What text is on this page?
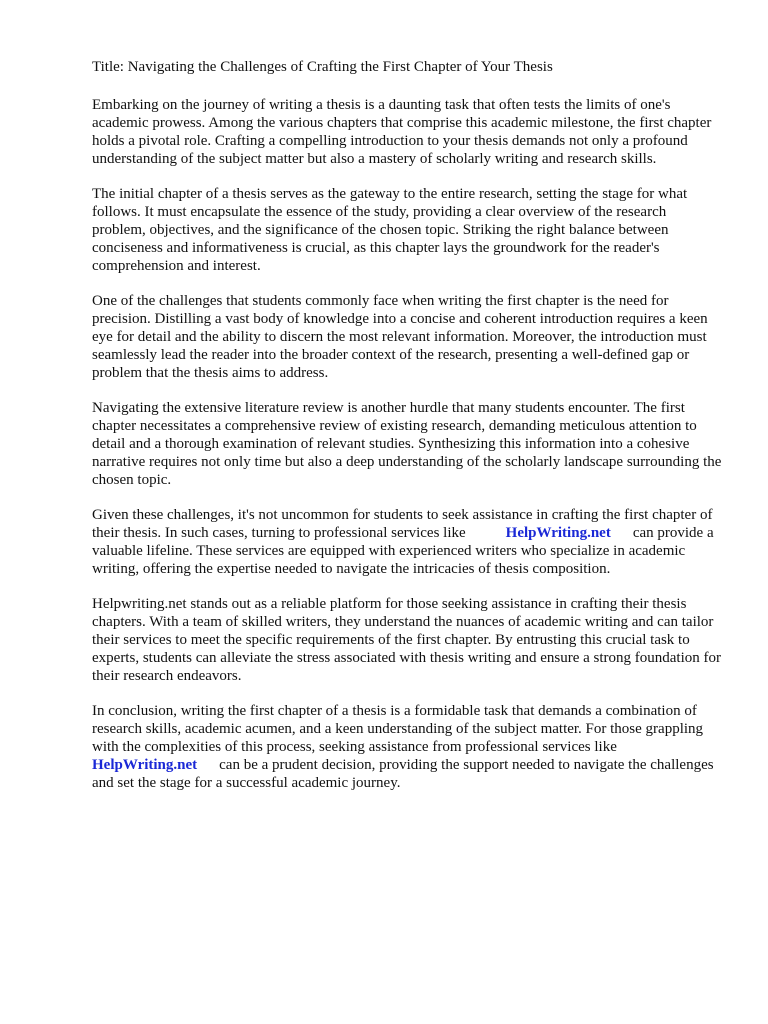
Title: Navigating the Challenges of Crafting the First Chapter of Your Thesis

Embarking on the journey of writing a thesis is a daunting task that often tests the limits of one's academic prowess. Among the various chapters that comprise this academic milestone, the first chapter holds a pivotal role. Crafting a compelling introduction to your thesis demands not only a profound understanding of the subject matter but also a mastery of scholarly writing and research skills.

The initial chapter of a thesis serves as the gateway to the entire research, setting the stage for what follows. It must encapsulate the essence of the study, providing a clear overview of the research problem, objectives, and the significance of the chosen topic. Striking the right balance between conciseness and informativeness is crucial, as this chapter lays the groundwork for the reader's comprehension and interest.

One of the challenges that students commonly face when writing the first chapter is the need for precision. Distilling a vast body of knowledge into a concise and coherent introduction requires a keen eye for detail and the ability to discern the most relevant information. Moreover, the introduction must seamlessly lead the reader into the broader context of the research, presenting a well-defined gap or problem that the thesis aims to address.

Navigating the extensive literature review is another hurdle that many students encounter. The first chapter necessitates a comprehensive review of existing research, demanding meticulous attention to detail and a thorough examination of relevant studies. Synthesizing this information into a cohesive narrative requires not only time but also a deep understanding of the scholarly landscape surrounding the chosen topic.

Given these challenges, it's not uncommon for students to seek assistance in crafting the first chapter of their thesis. In such cases, turning to professional services like	HelpWriting.net can provide a valuable lifeline. These services are equipped with experienced writers who specialize in academic writing, offering the expertise needed to navigate the intricacies of thesis composition.

Helpwriting.net stands out as a reliable platform for those seeking assistance in crafting their thesis chapters. With a team of skilled writers, they understand the nuances of academic writing and can tailor their services to meet the specific requirements of the first chapter. By entrusting this crucial task to experts, students can alleviate the stress associated with thesis writing and ensure a strong foundation for their research endeavors.

In conclusion, writing the first chapter of a thesis is a formidable task that demands a combination of research skills, academic acumen, and a keen understanding of the subject matter. For those grappling with the complexities of this process, seeking assistance from professional services like HelpWriting.net can be a prudent decision, providing the support needed to navigate the challenges and set the stage for a successful academic journey.
